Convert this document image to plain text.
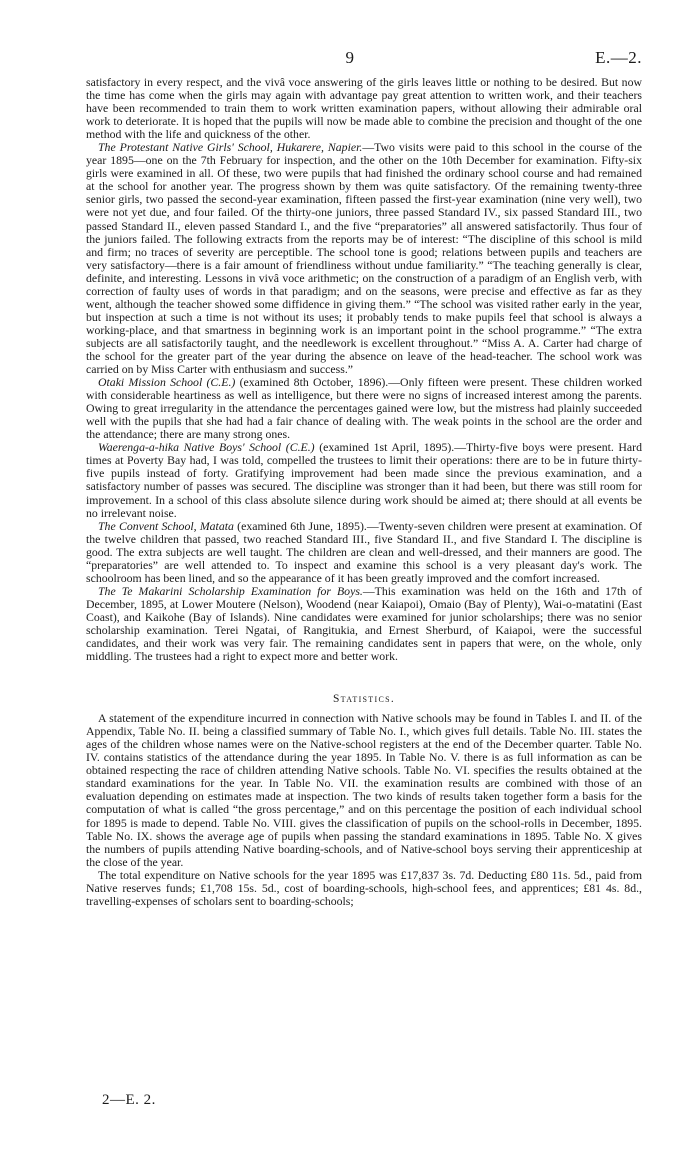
9	E.—2.

satisfactory in every respect, and the vivâ voce answering of the girls leaves little or nothing to be desired. But now the time has come when the girls may again with advantage pay great attention to written work, and their teachers have been recommended to train them to work written examination papers, without allowing their admirable oral work to deteriorate. It is hoped that the pupils will now be made able to combine the precision and thought of the one method with the life and quickness of the other.

The Protestant Native Girls' School, Hukarere, Napier.—Two visits were paid to this school in the course of the year 1895—one on the 7th February for inspection, and the other on the 10th December for examination. Fifty-six girls were examined in all. Of these, two were pupils that had finished the ordinary school course and had remained at the school for another year. The progress shown by them was quite satisfactory. Of the remaining twenty-three senior girls, two passed the second-year examination, fifteen passed the first-year examination (nine very well), two were not yet due, and four failed. Of the thirty-one juniors, three passed Standard IV., six passed Standard III., two passed Standard II., eleven passed Standard I., and the five “preparatories” all answered satisfactorily. Thus four of the juniors failed. The following extracts from the reports may be of interest: “The discipline of this school is mild and firm; no traces of severity are perceptible. The school tone is good; relations between pupils and teachers are very satisfactory—there is a fair amount of friendliness without undue familiarity.” “The teaching generally is clear, definite, and interesting. Lessons in vivâ voce arithmetic; on the construction of a paradigm of an English verb, with correction of faulty uses of words in that paradigm; and on the seasons, were precise and effective as far as they went, although the teacher showed some diffidence in giving them.” “The school was visited rather early in the year, but inspection at such a time is not without its uses; it probably tends to make pupils feel that school is always a working-place, and that smartness in beginning work is an important point in the school programme.” “The extra subjects are all satisfactorily taught, and the needlework is excellent throughout.” “Miss A. A. Carter had charge of the school for the greater part of the year during the absence on leave of the head-teacher. The school work was carried on by Miss Carter with enthusiasm and success.”

Otaki Mission School (C.E.) (examined 8th October, 1896).—Only fifteen were present. These children worked with considerable heartiness as well as intelligence, but there were no signs of increased interest among the parents. Owing to great irregularity in the attendance the percentages gained were low, but the mistress had plainly succeeded well with the pupils that she had had a fair chance of dealing with. The weak points in the school are the order and the attendance; there are many strong ones.

Waerenga-a-hika Native Boys' School (C.E.) (examined 1st April, 1895).—Thirty-five boys were present. Hard times at Poverty Bay had, I was told, compelled the trustees to limit their operations: there are to be in future thirty-five pupils instead of forty. Gratifying improvement had been made since the previous examination, and a satisfactory number of passes was secured. The discipline was stronger than it had been, but there was still room for improvement. In a school of this class absolute silence during work should be aimed at; there should at all events be no irrelevant noise.

The Convent School, Matata (examined 6th June, 1895).—Twenty-seven children were present at examination. Of the twelve children that passed, two reached Standard III., five Standard II., and five Standard I. The discipline is good. The extra subjects are well taught. The children are clean and well-dressed, and their manners are good. The “preparatories” are well attended to. To inspect and examine this school is a very pleasant day's work. The schoolroom has been lined, and so the appearance of it has been greatly improved and the comfort increased.

The Te Makarini Scholarship Examination for Boys.—This examination was held on the 16th and 17th of December, 1895, at Lower Moutere (Nelson), Woodend (near Kaiapoi), Omaio (Bay of Plenty), Wai-o-matatini (East Coast), and Kaikohe (Bay of Islands). Nine candidates were examined for junior scholarships; there was no senior scholarship examination. Terei Ngatai, of Rangitukia, and Ernest Sherburd, of Kaiapoi, were the successful candidates, and their work was very fair. The remaining candidates sent in papers that were, on the whole, only middling. The trustees had a right to expect more and better work.

Statistics.

A statement of the expenditure incurred in connection with Native schools may be found in Tables I. and II. of the Appendix, Table No. II. being a classified summary of Table No. I., which gives full details. Table No. III. states the ages of the children whose names were on the Native-school registers at the end of the December quarter. Table No. IV. contains statistics of the attendance during the year 1895. In Table No. V. there is as full information as can be obtained respecting the race of children attending Native schools. Table No. VI. specifies the results obtained at the standard examinations for the year. In Table No. VII. the examination results are combined with those of an evaluation depending on estimates made at inspection. The two kinds of results taken together form a basis for the computation of what is called “the gross percentage,” and on this percentage the position of each individual school for 1895 is made to depend. Table No. VIII. gives the classification of pupils on the school-rolls in December, 1895. Table No. IX. shows the average age of pupils when passing the standard examinations in 1895. Table No. X gives the numbers of pupils attending Native boarding-schools, and of Native-school boys serving their apprenticeship at the close of the year.

The total expenditure on Native schools for the year 1895 was £17,837 3s. 7d. Deducting £80 11s. 5d., paid from Native reserves funds; £1,708 15s. 5d., cost of boarding-schools, high-school fees, and apprentices; £81 4s. 8d., travelling-expenses of scholars sent to boarding-schools;

2—E. 2.
